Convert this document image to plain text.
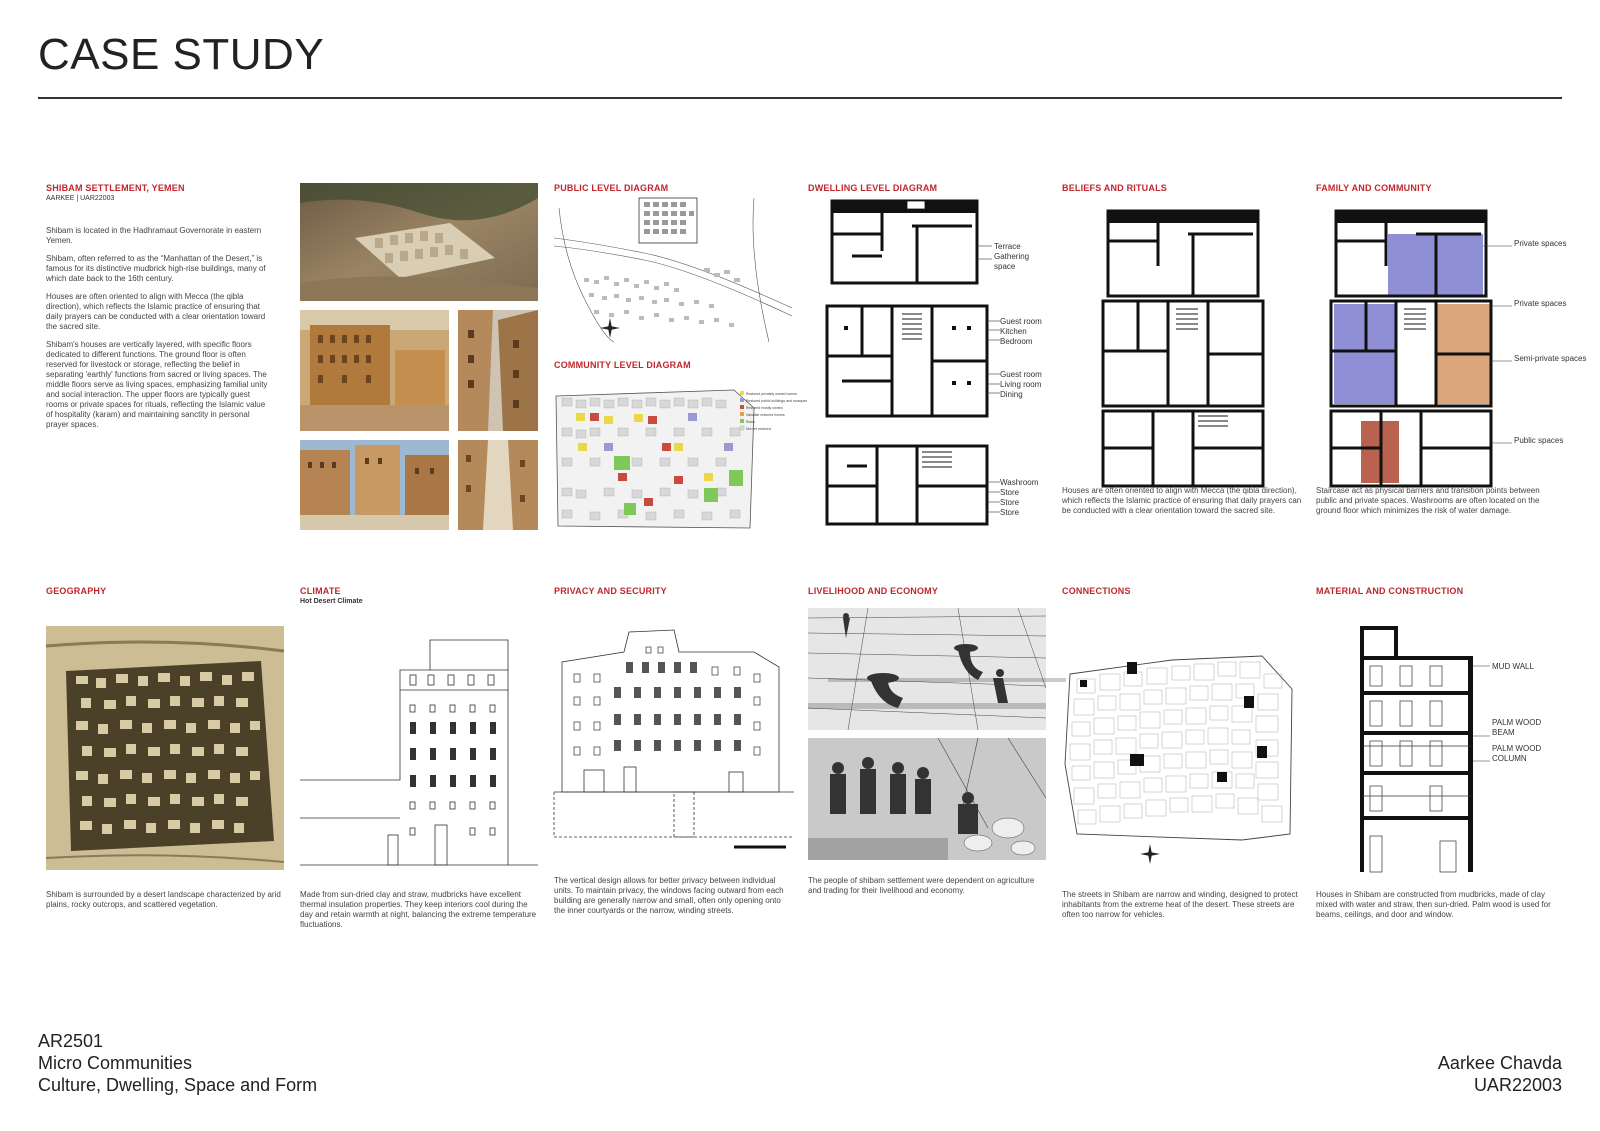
CASE STUDY
SHIBAM SETTLEMENT, YEMEN
AARKEE | UAR22003

Shibam is located in the Hadhramaut Governorate in eastern Yemen.

Shibam, often referred to as the “Manhattan of the Desert,” is famous for its distinctive mudbrick high-rise buildings, many of which date back to the 16th century.

Houses are often oriented to align with Mecca (the qibla direction), which reflects the Islamic practice of ensuring that daily prayers can be conducted with a clear orientation toward the sacred site.

Shibam's houses are vertically layered, with specific floors dedicated to different functions. The ground floor is often reserved for livestock or storage, reflecting the belief in separating 'earthly' functions from sacred or living spaces. The middle floors serve as living spaces, emphasizing familial unity and social interaction. The upper floors are typically guest rooms or private spaces for rituals, reflecting the Islamic value of hospitality (karam) and maintaining sanctity in personal prayer spaces.

PUBLIC LEVEL DIAGRAM
COMMUNITY LEVEL DIAGRAM
Restored privately owned homes
Restored public buildings and mosques
Restored mostly owned
Valuable restored homes
Ruins
Not yet restored
DWELLING LEVEL DIAGRAM
Terrace
Gathering
space
Guest room
Kitchen
Bedroom
Guest room
Living room
Dining
Washroom
Store
Store
Store
BELIEFS AND RITUALS
Houses are often oriented to align with Mecca (the qibla direction), which reflects the Islamic practice of ensuring that daily prayers can be conducted with a clear orientation toward the sacred site.
FAMILY AND COMMUNITY
Private spaces
Private spaces
Semi-private spaces
Public spaces
Staircase act as physical barriers and transition points between public and private spaces. Washrooms are often located on the ground floor which minimizes the risk of water damage.
GEOGRAPHY
Shibam is surrounded by a desert landscape characterized by arid plains, rocky outcrops, and scattered vegetation.
CLIMATE
Hot Desert Climate
Made from sun-dried clay and straw, mudbricks have excellent thermal insulation properties. They keep interiors cool during the day and retain warmth at night, balancing the extreme temperature fluctuations.
PRIVACY AND SECURITY
The vertical design allows for better privacy between individual units. To maintain privacy, the windows facing outward from each building are generally narrow and small, often only opening onto the inner courtyards or the narrow, winding streets.
LIVELIHOOD AND ECONOMY
The people of shibam settlement were dependent on agriculture and trading for their livelihood and economy.
CONNECTIONS
The streets in Shibam are narrow and winding, designed to protect inhabitants from the extreme heat of the desert. These streets are often too narrow for vehicles.
MATERIAL AND CONSTRUCTION
MUD WALL
PALM WOOD
BEAM
PALM WOOD
COLUMN
Houses in Shibam are constructed from mudbricks, made of clay mixed with water and straw, then sun-dried. Palm wood is used for beams, ceilings, and door and window.
AR2501
Micro Communities
Culture, Dwelling, Space and Form
Aarkee Chavda
UAR22003
